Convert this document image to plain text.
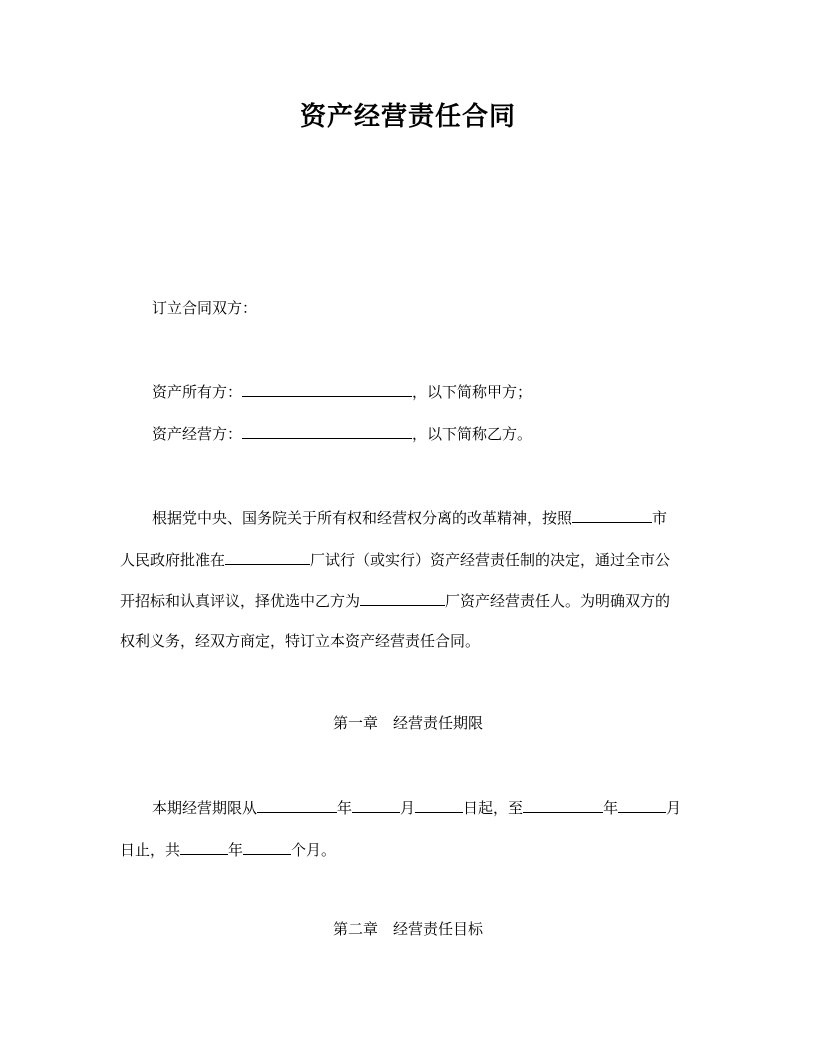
资产经营责任合同
订立合同双方：
资产所有方：	，以下简称甲方；
资产经营方：	，以下简称乙方。
根据党中央、国务院关于所有权和经营权分离的改革精神，按照	市
人民政府批准在	厂试行（或实行）资产经营责任制的决定，通过全市公
开招标和认真评议，择优选中乙方为	厂资产经营责任人。为明确双方的
权利义务，经双方商定，特订立本资产经营责任合同。
第一章　经营责任期限
本期经营期限从	年	月	日起，至	年	月
日止，共	年	个月。
第二章　经营责任目标
